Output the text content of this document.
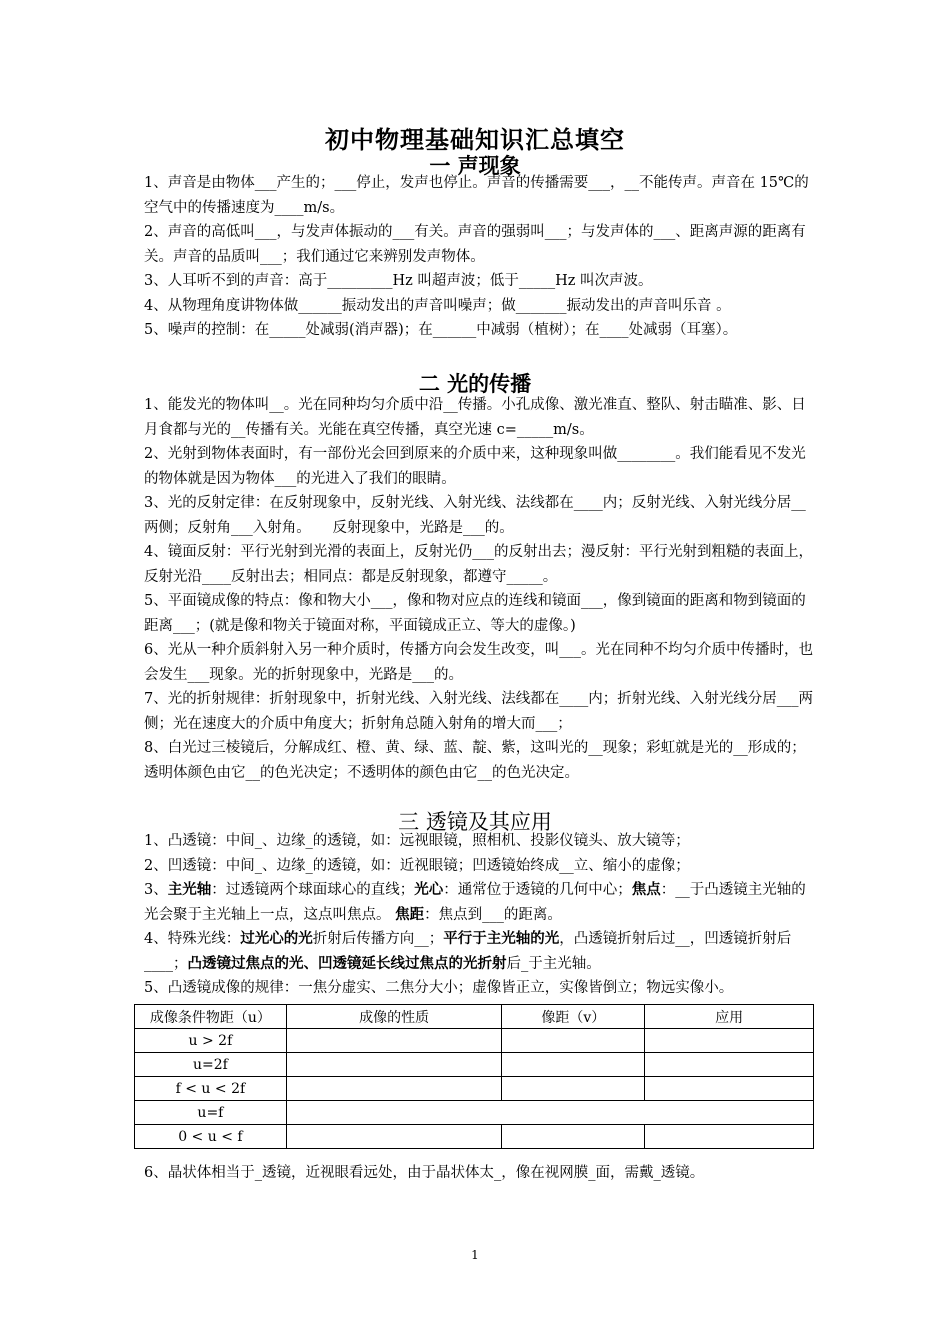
初中物理基础知识汇总填空
一 声现象

1、声音是由物体___产生的；___停止，发声也停止。声音的传播需要___，__不能传声。声音在 15℃的空气中的传播速度为____m/s。

2、声音的高低叫___，与发声体振动的___有关。声音的强弱叫___；与发声体的___、距离声源的距离有关。声音的品质叫___；我们通过它来辨别发声物体。

3、人耳听不到的声音：高于_________Hz 叫超声波；低于_____Hz 叫次声波。

4、从物理角度讲物体做______振动发出的声音叫噪声；做_______振动发出的声音叫乐音 。

5、噪声的控制：在_____处减弱(消声器)；在______中减弱（植树）；在____处减弱（耳塞）。

二 光的传播

1、能发光的物体叫__。光在同种均匀介质中沿__传播。小孔成像、激光准直、整队、射击瞄准、影、日月食都与光的__传播有关。光能在真空传播，真空光速 c=_____m/s。

2、光射到物体表面时，有一部份光会回到原来的介质中来，这种现象叫做________。我们能看见不发光的物体就是因为物体___的光进入了我们的眼睛。

3、光的反射定律：在反射现象中，反射光线、入射光线、法线都在____内；反射光线、入射光线分居__两侧；反射角___入射角。　　反射现象中，光路是___的。

4、镜面反射：平行光射到光滑的表面上，反射光仍___的反射出去；漫反射：平行光射到粗糙的表面上，反射光沿____反射出去；相同点：都是反射现象，都遵守_____。

5、平面镜成像的特点：像和物大小___，像和物对应点的连线和镜面___，像到镜面的距离和物到镜面的距离___；(就是像和物关于镜面对称，平面镜成正立、等大的虚像。)

6、光从一种介质斜射入另一种介质时，传播方向会发生改变，叫___。光在同种不均匀介质中传播时，也会发生___现象。光的折射现象中，光路是___的。

7、光的折射规律：折射现象中，折射光线、入射光线、法线都在____内；折射光线、入射光线分居___两侧；光在速度大的介质中角度大；折射角总随入射角的增大而___；

8、白光过三棱镜后，分解成红、橙、黄、绿、蓝、靛、紫，这叫光的__现象；彩虹就是光的__形成的；透明体颜色由它__的色光决定；不透明体的颜色由它__的色光决定。

三 透镜及其应用

1、凸透镜：中间_、边缘_的透镜，如：远视眼镜，照相机、投影仪镜头、放大镜等；

2、凹透镜：中间_、边缘_的透镜，如：近视眼镜；凹透镜始终成__立、缩小的虚像；

3、主光轴：过透镜两个球面球心的直线；光心：通常位于透镜的几何中心；焦点：__于凸透镜主光轴的光会聚于主光轴上一点，这点叫焦点。 焦距：焦点到___的距离。

4、特殊光线：过光心的光折射后传播方向__；平行于主光轴的光，凸透镜折射后过__，凹透镜折射后____；凸透镜过焦点的光、凹透镜延长线过焦点的光折射后_于主光轴。

5、凸透镜成像的规律：一焦分虚实、二焦分大小；虚像皆正立，实像皆倒立；物远实像小。

成像条件物距（u）	成像的性质	像距（v）	应用
u > 2f			
u=2f			
f < u < 2f			
u=f			
0 < u < f			

6、晶状体相当于_透镜，近视眼看远处，由于晶状体太_，像在视网膜_面，需戴_透镜。

1
